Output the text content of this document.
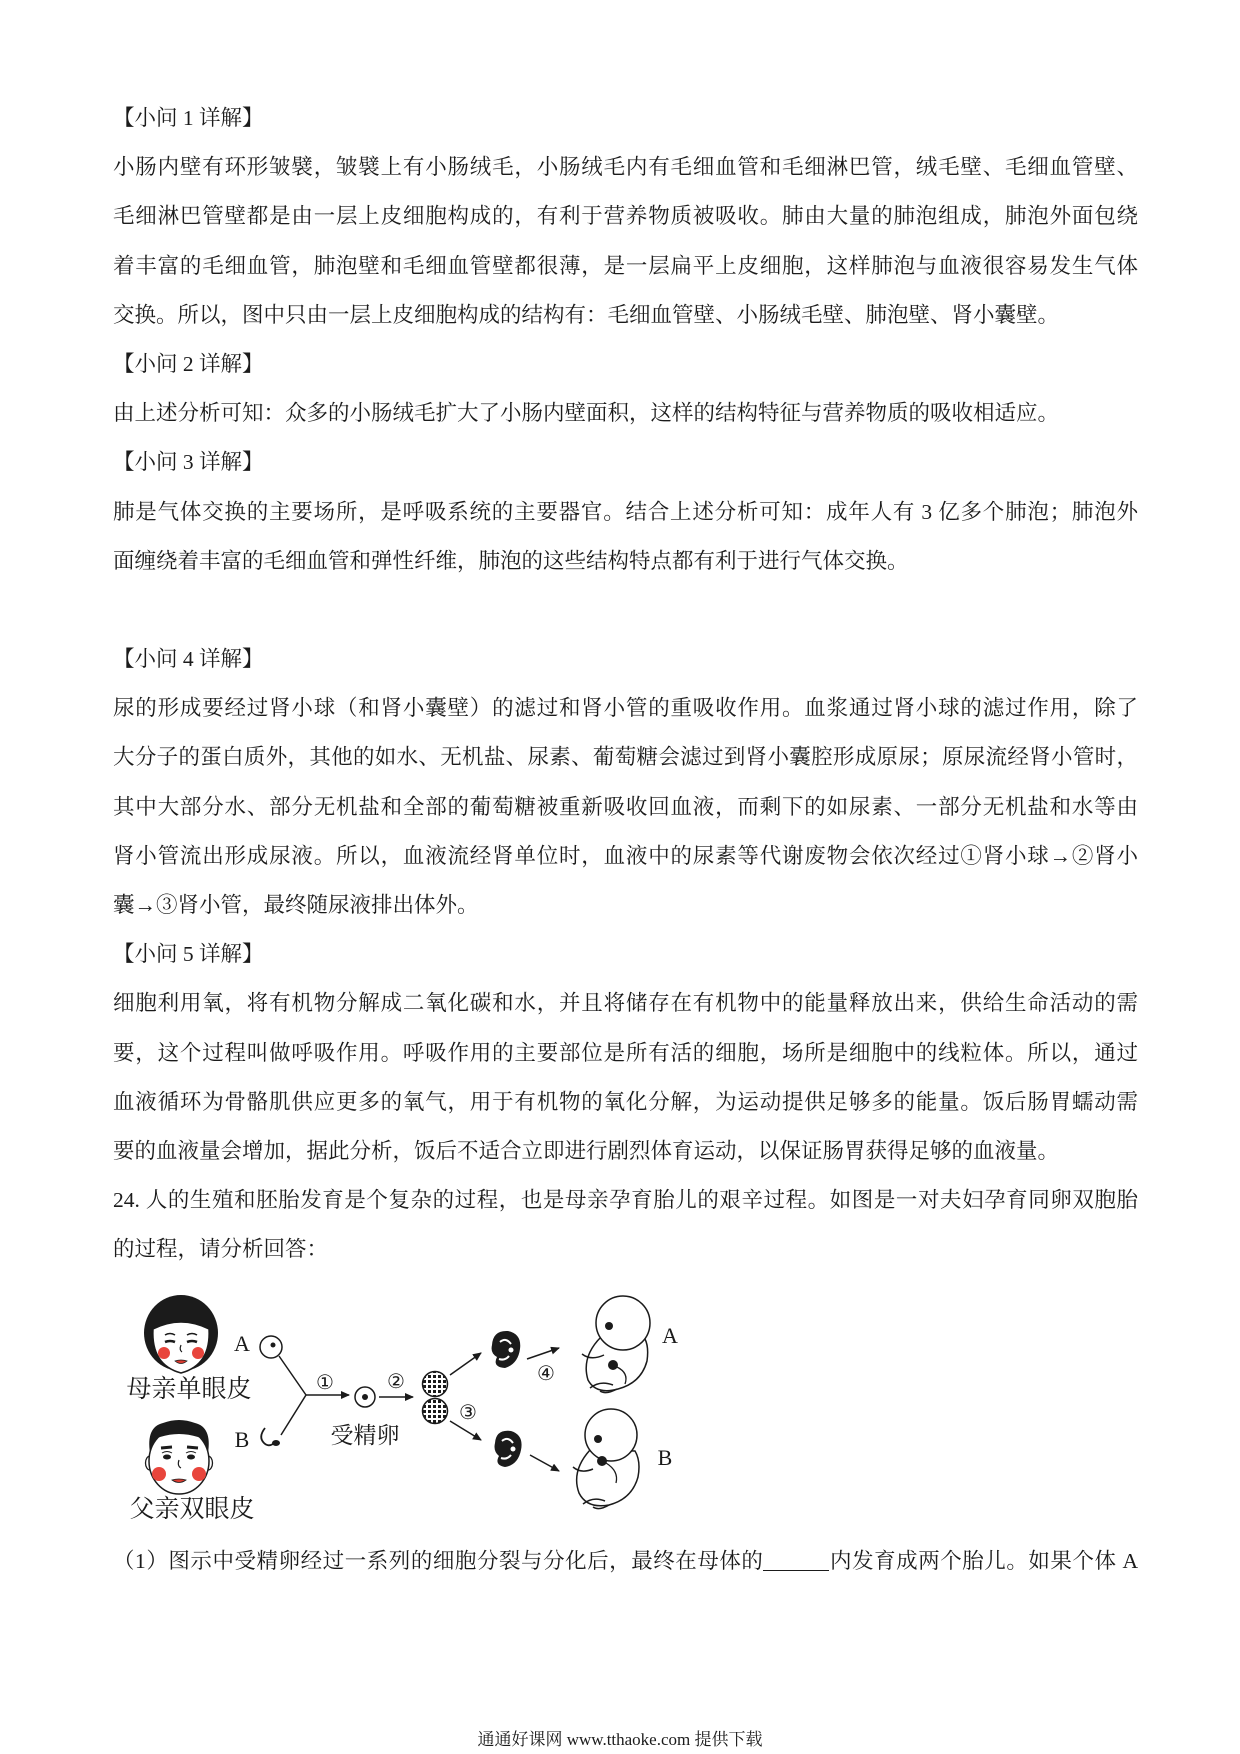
【小问 1 详解】
小肠内壁有环形皱襞，皱襞上有小肠绒毛，小肠绒毛内有毛细血管和毛细淋巴管，绒毛壁、毛细血管壁、
毛细淋巴管壁都是由一层上皮细胞构成的，有利于营养物质被吸收。肺由大量的肺泡组成，肺泡外面包绕
着丰富的毛细血管，肺泡壁和毛细血管壁都很薄，是一层扁平上皮细胞，这样肺泡与血液很容易发生气体
交换。所以，图中只由一层上皮细胞构成的结构有：毛细血管壁、小肠绒毛壁、肺泡壁、肾小囊壁。
【小问 2 详解】
由上述分析可知：众多的小肠绒毛扩大了小肠内壁面积，这样的结构特征与营养物质的吸收相适应。
【小问 3 详解】
肺是气体交换的主要场所，是呼吸系统的主要器官。结合上述分析可知：成年人有 3 亿多个肺泡；肺泡外
面缠绕着丰富的毛细血管和弹性纤维，肺泡的这些结构特点都有利于进行气体交换。
【小问 4 详解】
尿的形成要经过肾小球（和肾小囊壁）的滤过和肾小管的重吸收作用。血浆通过肾小球的滤过作用，除了
大分子的蛋白质外，其他的如水、无机盐、尿素、葡萄糖会滤过到肾小囊腔形成原尿；原尿流经肾小管时，
其中大部分水、部分无机盐和全部的葡萄糖被重新吸收回血液，而剩下的如尿素、一部分无机盐和水等由
肾小管流出形成尿液。所以，血液流经肾单位时，血液中的尿素等代谢废物会依次经过①肾小球→②肾小
囊→③肾小管，最终随尿液排出体外。
【小问 5 详解】
细胞利用氧，将有机物分解成二氧化碳和水，并且将储存在有机物中的能量释放出来，供给生命活动的需
要，这个过程叫做呼吸作用。呼吸作用的主要部位是所有活的细胞，场所是细胞中的线粒体。所以，通过
血液循环为骨骼肌供应更多的氧气，用于有机物的氧化分解，为运动提供足够多的能量。饭后肠胃蠕动需
要的血液量会增加，据此分析，饭后不适合立即进行剧烈体育运动，以保证肠胃获得足够的血液量。
24. 人的生殖和胚胎发育是个复杂的过程，也是母亲孕育胎儿的艰辛过程。如图是一对夫妇孕育同卵双胞胎
的过程，请分析回答：
母亲单眼皮
A
父亲双眼皮
B
①
受精卵
②
③
④
A
B
（1）图示中受精卵经过一系列的细胞分裂与分化后，最终在母体的	内发育成两个胎儿。如果个体 A
通通好课网 www.tthaoke.com 提供下载
